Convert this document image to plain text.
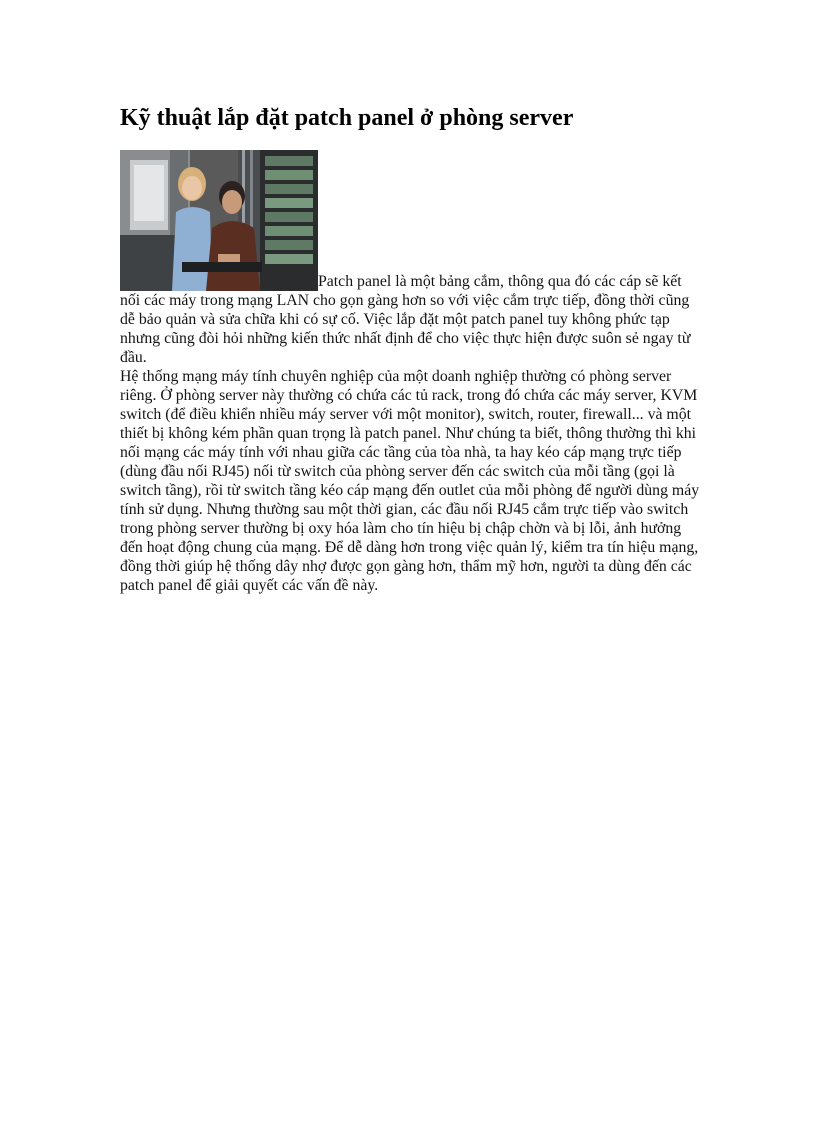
Kỹ thuật lắp đặt patch panel ở phòng server
Patch panel là một bảng cắm, thông qua đó các cáp sẽ kết nối các máy trong mạng LAN cho gọn gàng hơn so với việc cắm trực tiếp, đồng thời cũng dễ bảo quản và sửa chữa khi có sự cố. Việc lắp đặt một patch panel tuy không phức tạp nhưng cũng đòi hỏi những kiến thức nhất định để cho việc thực hiện được suôn sẻ ngay từ đầu.

Hệ thống mạng máy tính chuyên nghiệp của một doanh nghiệp thường có phòng server riêng. Ở phòng server này thường có chứa các tủ rack, trong đó chứa các máy server, KVM switch (để điều khiển nhiều máy server với một monitor), switch, router, firewall... và một thiết bị không kém phần quan trọng là patch panel. Như chúng ta biết, thông thường thì khi nối mạng các máy tính với nhau giữa các tầng của tòa nhà, ta hay kéo cáp mạng trực tiếp (dùng đầu nối RJ45) nối từ switch của phòng server đến các switch của mỗi tầng (gọi là switch tầng), rồi từ switch tầng kéo cáp mạng đến outlet của mỗi phòng để người dùng máy tính sử dụng. Nhưng thường sau một thời gian, các đầu nối RJ45 cắm trực tiếp vào switch trong phòng server thường bị oxy hóa làm cho tín hiệu bị chập chờn và bị lỗi, ảnh hưởng đến hoạt động chung của mạng. Để dễ dàng hơn trong việc quản lý, kiểm tra tín hiệu mạng, đồng thời giúp hệ thống dây nhợ được gọn gàng hơn, thẩm mỹ hơn, người ta dùng đến các patch panel để giải quyết các vấn đề này.
